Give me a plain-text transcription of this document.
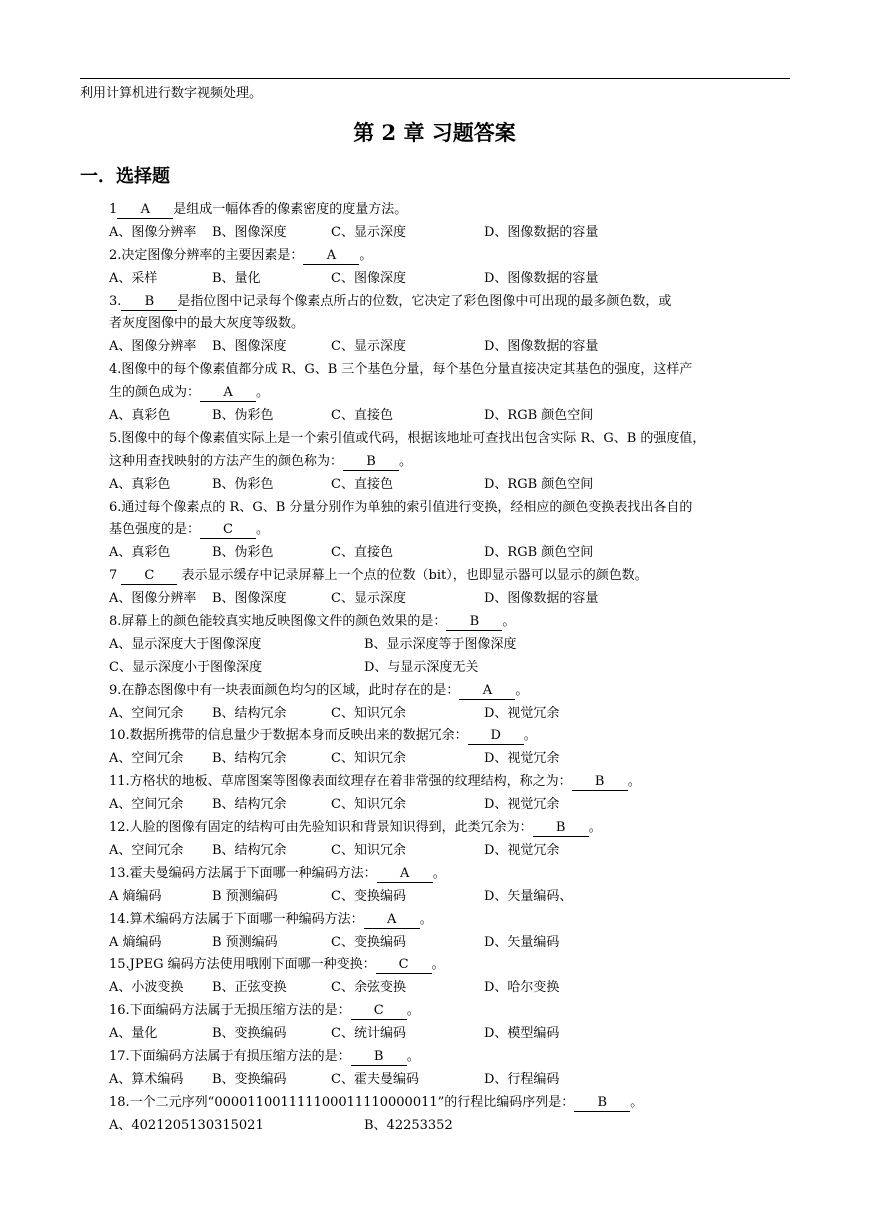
利用计算机进行数字视频处理。
第 2 章 习题答案
一．选择题
1 A 是组成一幅体香的像素密度的度量方法。
A、图像分辨率 B、图像深度	C、显示深度	D、图像数据的容量
2.决定图像分辨率的主要因素是： A 。
A、采样	B、量化	C、图像深度	D、图像数据的容量
3. B 是指位图中记录每个像素点所占的位数，它决定了彩色图像中可出现的最多颜色数，或
者灰度图像中的最大灰度等级数。
A、图像分辨率 B、图像深度	C、显示深度	D、图像数据的容量
4.图像中的每个像素值都分成 R、G、B 三个基色分量，每个基色分量直接决定其基色的强度，这样产
生的颜色成为： A 。
A、真彩色	B、伪彩色	C、直接色	D、RGB 颜色空间
5.图像中的每个像素值实际上是一个索引值或代码，根据该地址可查找出包含实际 R、G、B 的强度值，
这种用查找映射的方法产生的颜色称为： B 。
A、真彩色	B、伪彩色	C、直接色	D、RGB 颜色空间
6.通过每个像素点的 R、G、B 分量分别作为单独的索引值进行变换，经相应的颜色变换表找出各自的
基色强度的是： C 。
A、真彩色	B、伪彩色	C、直接色	D、RGB 颜色空间
7 C 表示显示缓存中记录屏幕上一个点的位数（bit），也即显示器可以显示的颜色数。
A、图像分辨率 B、图像深度	C、显示深度	D、图像数据的容量
8.屏幕上的颜色能较真实地反映图像文件的颜色效果的是： B 。
A、显示深度大于图像深度	B、显示深度等于图像深度
C、显示深度小于图像深度	D、与显示深度无关
9.在静态图像中有一块表面颜色均匀的区域，此时存在的是： A 。
A、空间冗余 B、结构冗余	C、知识冗余	D、视觉冗余
10.数据所携带的信息量少于数据本身而反映出来的数据冗余： D 。
A、空间冗余 B、结构冗余	C、知识冗余	D、视觉冗余
11.方格状的地板、草席图案等图像表面纹理存在着非常强的纹理结构，称之为： B 。
A、空间冗余 B、结构冗余	C、知识冗余	D、视觉冗余
12.人脸的图像有固定的结构可由先验知识和背景知识得到，此类冗余为： B 。
A、空间冗余 B、结构冗余	C、知识冗余	D、视觉冗余
13.霍夫曼编码方法属于下面哪一种编码方法： A 。
A 熵编码	B 预测编码	C、变换编码	D、矢量编码、
14.算术编码方法属于下面哪一种编码方法： A 。
A 熵编码	B 预测编码	C、变换编码	D、矢量编码
15.JPEG 编码方法使用哦刚下面哪一种变换： C 。
A、小波变换 B、正弦变换	C、余弦变换	D、哈尔变换
16.下面编码方法属于无损压缩方法的是： C 。
A、量化	B、变换编码	C、统计编码	D、模型编码
17.下面编码方法属于有损压缩方法的是： B 。
A、算术编码 B、变换编码	C、霍夫曼编码	D、行程编码
18.一个二元序列“000011001111100011110000011”的行程比编码序列是： B 。
A、4021205130315021	B、42253352
